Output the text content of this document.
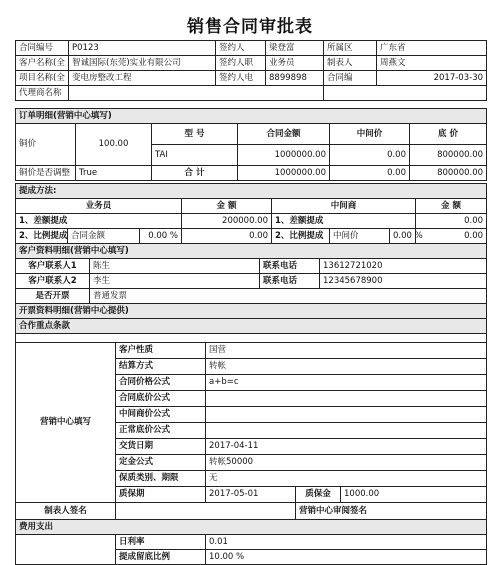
销售合同审批表
合同编号	P0123	签约人	梁登富	所属区	广东省
客户名称(全	智诚国际(东莞)实业有限公司	签约人职	业务员	制表人	周燕文
项目名称(全	变电房整改工程	签约人电	8899898	合同编	2017-03-30
代理商名称					
订单明细(营销中心填写)					
铜价	100.00	型 号	合同金额	中间价	底 价
		TAI	1000000.00	0.00	800000.00
铜价是否调整	True	合 计	1000000.00	0.00	800000.00
提成方法:							
业务员			金 额	中间商			金 额
1、差额提成			200000.00	1、差额提成			0.00
2、比例提成	合同金额	0.00 %	0.00	2、比例提成	中间价	0.00 %	0.00
客户资料明细(营销中心填写)			
客户联系人1	陈生	联系电话	13612721020
客户联系人2	李生	联系电话	12345678900
是否开票	普通发票		
开票资料明细(营销中心提供)			

合作重点条款				

营销中心填写	客户性质	国营		
	结算方式	转帐		
	合同价格公式	a+b=c		
	合同底价公式			
	中间商价公式			
	正常底价公式			
	交货日期	2017-04-11		
	定金公式	转帐50000		
	保质类别、期限	无		
	质保期	2017-05-01	质保金	1000.00
制表人签名			营销中心审阅签名	
费用支出				
	日利率	0.01		
	提成留底比例	10.00 %		
